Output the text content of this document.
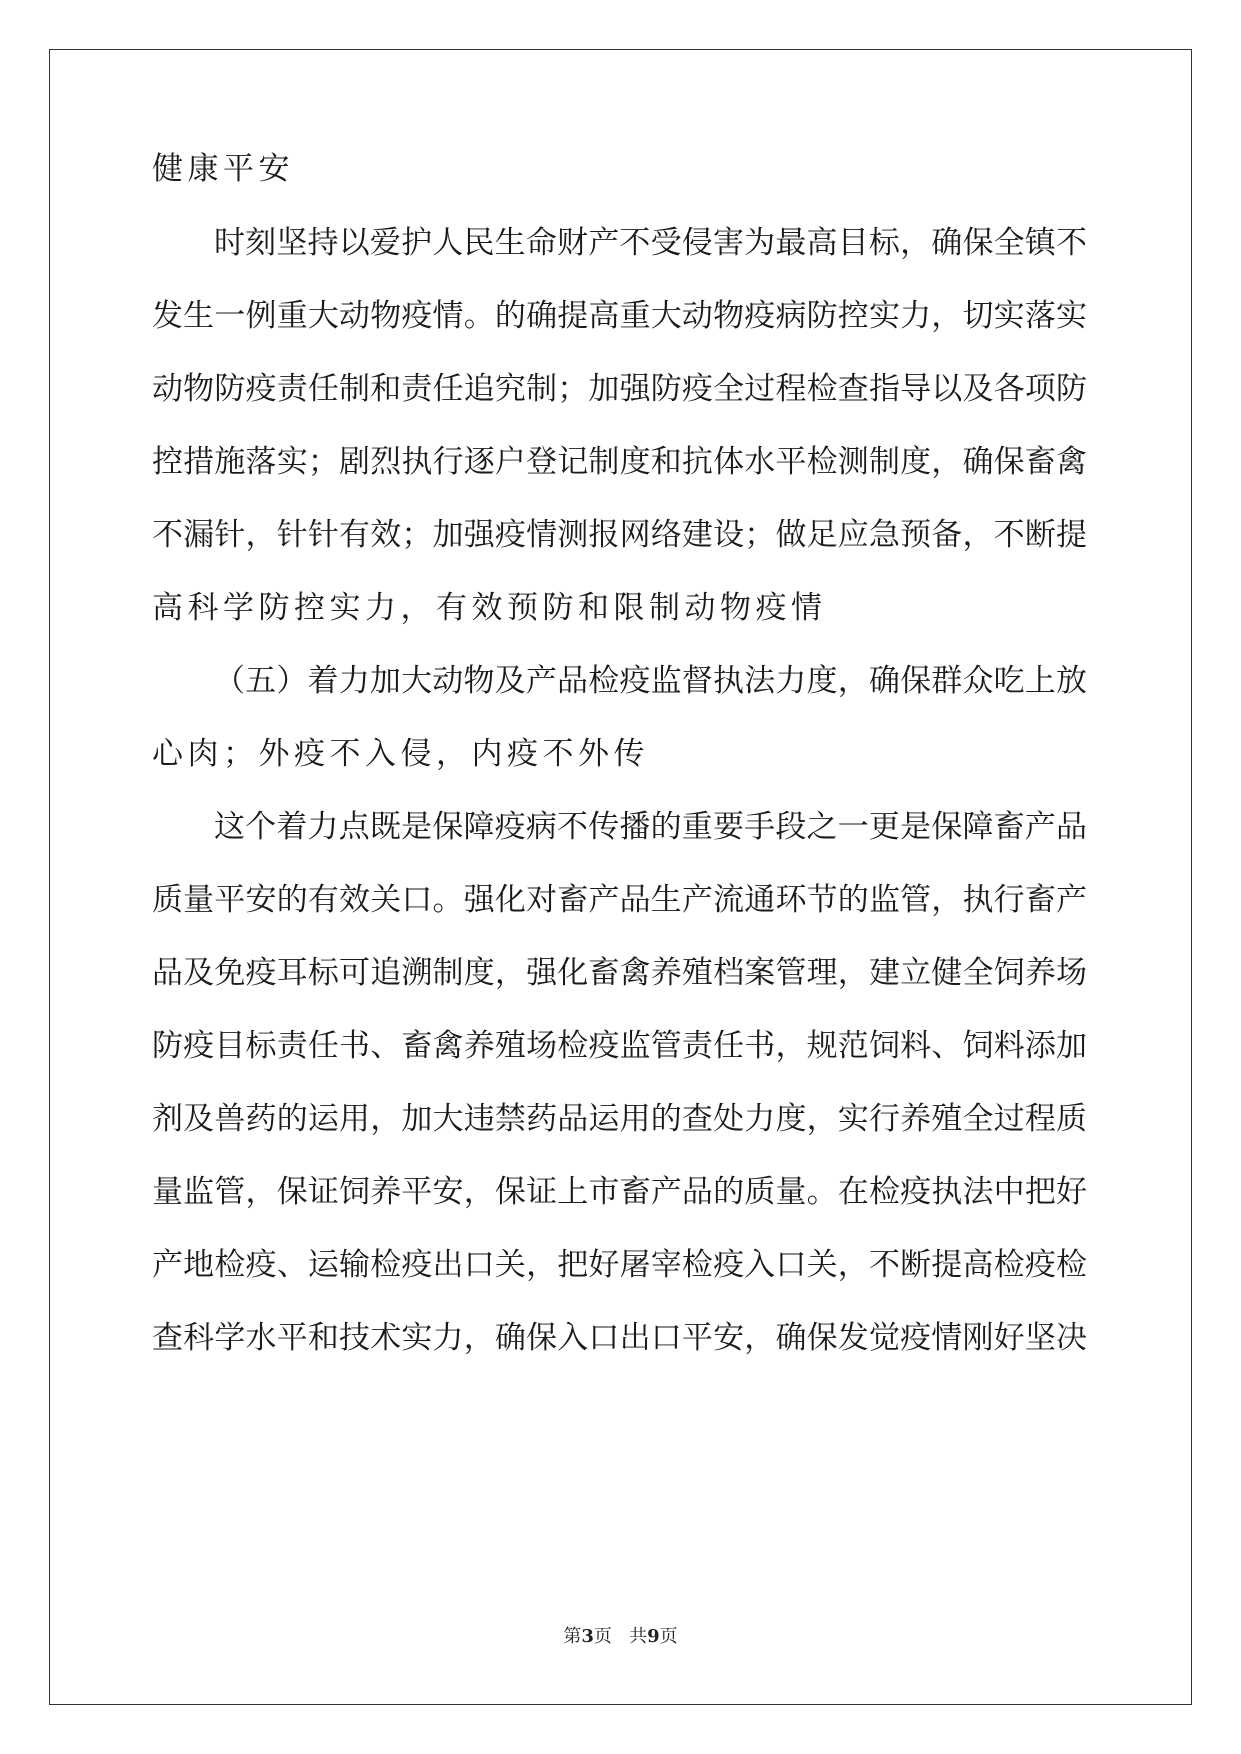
健康平安
时刻坚持以爱护人民生命财产不受侵害为最高目标，确保全镇不
发生一例重大动物疫情。的确提高重大动物疫病防控实力，切实落实
动物防疫责任制和责任追究制；加强防疫全过程检查指导以及各项防
控措施落实；剧烈执行逐户登记制度和抗体水平检测制度，确保畜禽
不漏针，针针有效；加强疫情测报网络建设；做足应急预备，不断提
高科学防控实力，有效预防和限制动物疫情
（五）着力加大动物及产品检疫监督执法力度，确保群众吃上放
心肉；外疫不入侵，内疫不外传
这个着力点既是保障疫病不传播的重要手段之一更是保障畜产品
质量平安的有效关口。强化对畜产品生产流通环节的监管，执行畜产
品及免疫耳标可追溯制度，强化畜禽养殖档案管理，建立健全饲养场
防疫目标责任书、畜禽养殖场检疫监管责任书，规范饲料、饲料添加
剂及兽药的运用，加大违禁药品运用的查处力度，实行养殖全过程质
量监管，保证饲养平安，保证上市畜产品的质量。在检疫执法中把好
产地检疫、运输检疫出口关，把好屠宰检疫入口关，不断提高检疫检
查科学水平和技术实力，确保入口出口平安，确保发觉疫情刚好坚决
第3页 共9页
